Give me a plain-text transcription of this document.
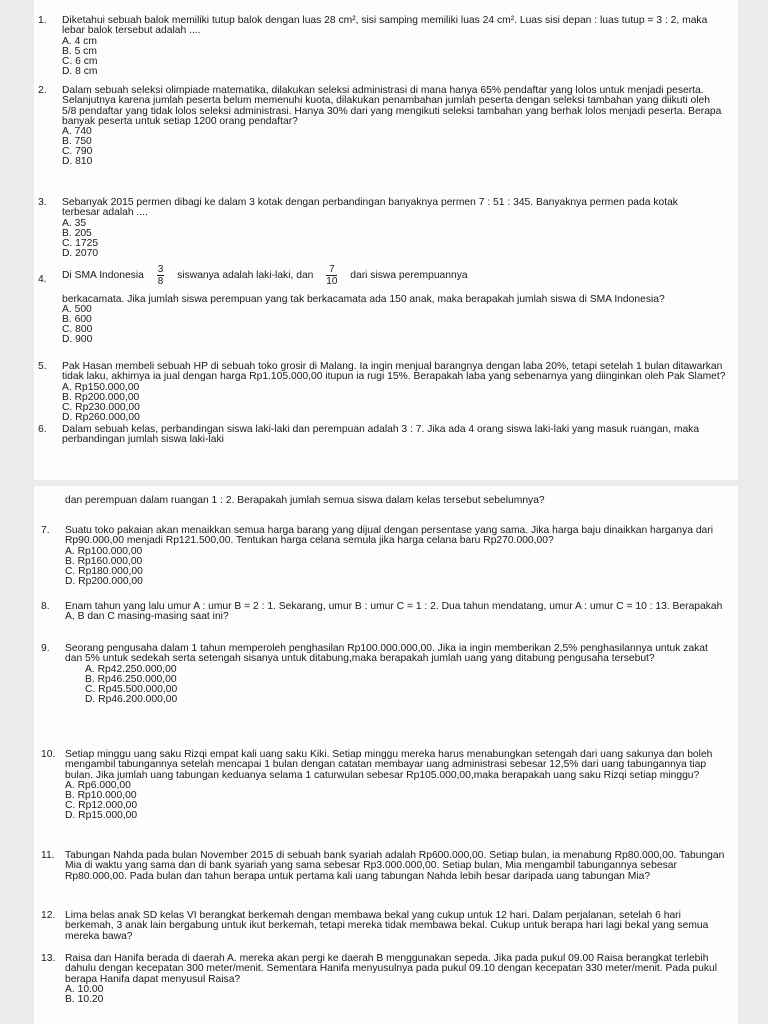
1. Diketahui sebuah balok memiliki tutup balok dengan luas 28 cm², sisi samping memiliki luas 24 cm². Luas sisi depan : luas tutup = 3 : 2, maka lebar balok tersebut adalah ....

A. 4 cm
B. 5 cm
C. 6 cm
D. 8 cm
2. Dalam sebuah seleksi olimpiade matematika, dilakukan seleksi administrasi di mana hanya 65% pendaftar yang lolos untuk menjadi peserta. Selanjutnya karena jumlah peserta belum memenuhi kuota, dilakukan penambahan jumlah peserta dengan seleksi tambahan yang diikuti oleh 5/8 pendaftar yang tidak lolos seleksi administrasi. Hanya 30% dari yang mengikuti seleksi tambahan yang berhak lolos menjadi peserta. Berapa banyak peserta untuk setiap 1200 orang pendaftar?

A. 740
B. 750
C. 790
D. 810
3. Sebanyak 2015 permen dibagi ke dalam 3 kotak dengan perbandingan banyaknya permen 7 : 51 : 345. Banyaknya permen pada kotak terbesar adalah ....

A. 35
B. 205
C. 1725
D. 2070
4. Di SMA Indonesia $\frac{3}{8}$ siswanya adalah laki-laki, dan $\frac{7}{10}$ dari siswa perempuannya

berkacamata. Jika jumlah siswa perempuan yang tak berkacamata ada 150 anak, maka berapakah jumlah siswa di SMA Indonesia?

A. 500
B. 600
C. 800
D. 900
5. Pak Hasan membeli sebuah HP di sebuah toko grosir di Malang. Ia ingin menjual barangnya dengan laba 20%, tetapi setelah 1 bulan ditawarkan tidak laku, akhirnya ia jual dengan harga Rp1.105.000,00 itupun ia rugi 15%. Berapakah laba yang sebenarnya yang diinginkan oleh Pak Slamet?

A. Rp150.000,00
B. Rp200.000,00
C. Rp230.000,00
D. Rp260.000,00
6. Dalam sebuah kelas, perbandingan siswa laki-laki dan perempuan adalah 3 : 7. Jika ada 4 orang siswa laki-laki yang masuk ruangan, maka perbandingan jumlah siswa laki-laki

dan perempuan dalam ruangan 1 : 2. Berapakah jumlah semua siswa dalam kelas tersebut sebelumnya?

7. Suatu toko pakaian akan menaikkan semua harga barang yang dijual dengan persentase yang sama. Jika harga baju dinaikkan harganya dari Rp90.000,00 menjadi Rp121.500,00. Tentukan harga celana semula jika harga celana baru Rp270.000,00?

A. Rp100.000,00
B. Rp160.000,00
C. Rp180.000,00
D. Rp200.000,00
8. Enam tahun yang lalu umur A : umur B = 2 : 1. Sekarang, umur B : umur C = 1 : 2. Dua tahun mendatang, umur A : umur C = 10 : 13. Berapakah A, B dan C masing-masing saat ini?

9. Seorang pengusaha dalam 1 tahun memperoleh penghasilan Rp100.000.000,00. Jika ia ingin memberikan 2,5% penghasilannya untuk zakat dan 5% untuk sedekah serta setengah sisanya untuk ditabung,maka berapakah jumlah uang yang ditabung pengusaha tersebut?

A. Rp42.250.000,00
B. Rp46.250.000,00
C. Rp45.500.000,00
D. Rp46.200.000,00
10. Setiap minggu uang saku Rizqi empat kali uang saku Kiki. Setiap minggu mereka harus menabungkan setengah dari uang sakunya dan boleh mengambil tabungannya setelah mencapai 1 bulan dengan catatan membayar uang administrasi sebesar 12,5% dari uang tabungannya tiap bulan. Jika jumlah uang tabungan keduanya selama 1 caturwulan sebesar Rp105.000,00,maka berapakah uang saku Rizqi setiap minggu?

A. Rp6.000,00
B. Rp10.000,00
C. Rp12.000,00
D. Rp15.000,00
11. Tabungan Nahda pada bulan November 2015 di sebuah bank syariah adalah Rp600.000,00. Setiap bulan, ia menabung Rp80.000,00. Tabungan Mia di waktu yang sama dan di bank syariah yang sama sebesar Rp3.000.000,00. Setiap bulan, Mia mengambil tabungannya sebesar Rp80.000,00. Pada bulan dan tahun berapa untuk pertama kali uang tabungan Nahda lebih besar daripada uang tabungan Mia?

12. Lima belas anak SD kelas VI berangkat berkemah dengan membawa bekal yang cukup untuk 12 hari. Dalam perjalanan, setelah 6 hari berkemah, 3 anak lain bergabung untuk ikut berkemah, tetapi mereka tidak membawa bekal. Cukup untuk berapa hari lagi bekal yang semua mereka bawa?

13. Raisa dan Hanifa berada di daerah A. mereka akan pergi ke daerah B menggunakan sepeda. Jika pada pukul 09.00 Raisa berangkat terlebih dahulu dengan kecepatan 300 meter/menit. Sementara Hanifa menyusulnya pada pukul 09.10 dengan kecepatan 330 meter/menit. Pada pukul berapa Hanifa dapat menyusul Raisa?

A. 10.00
B. 10.20
